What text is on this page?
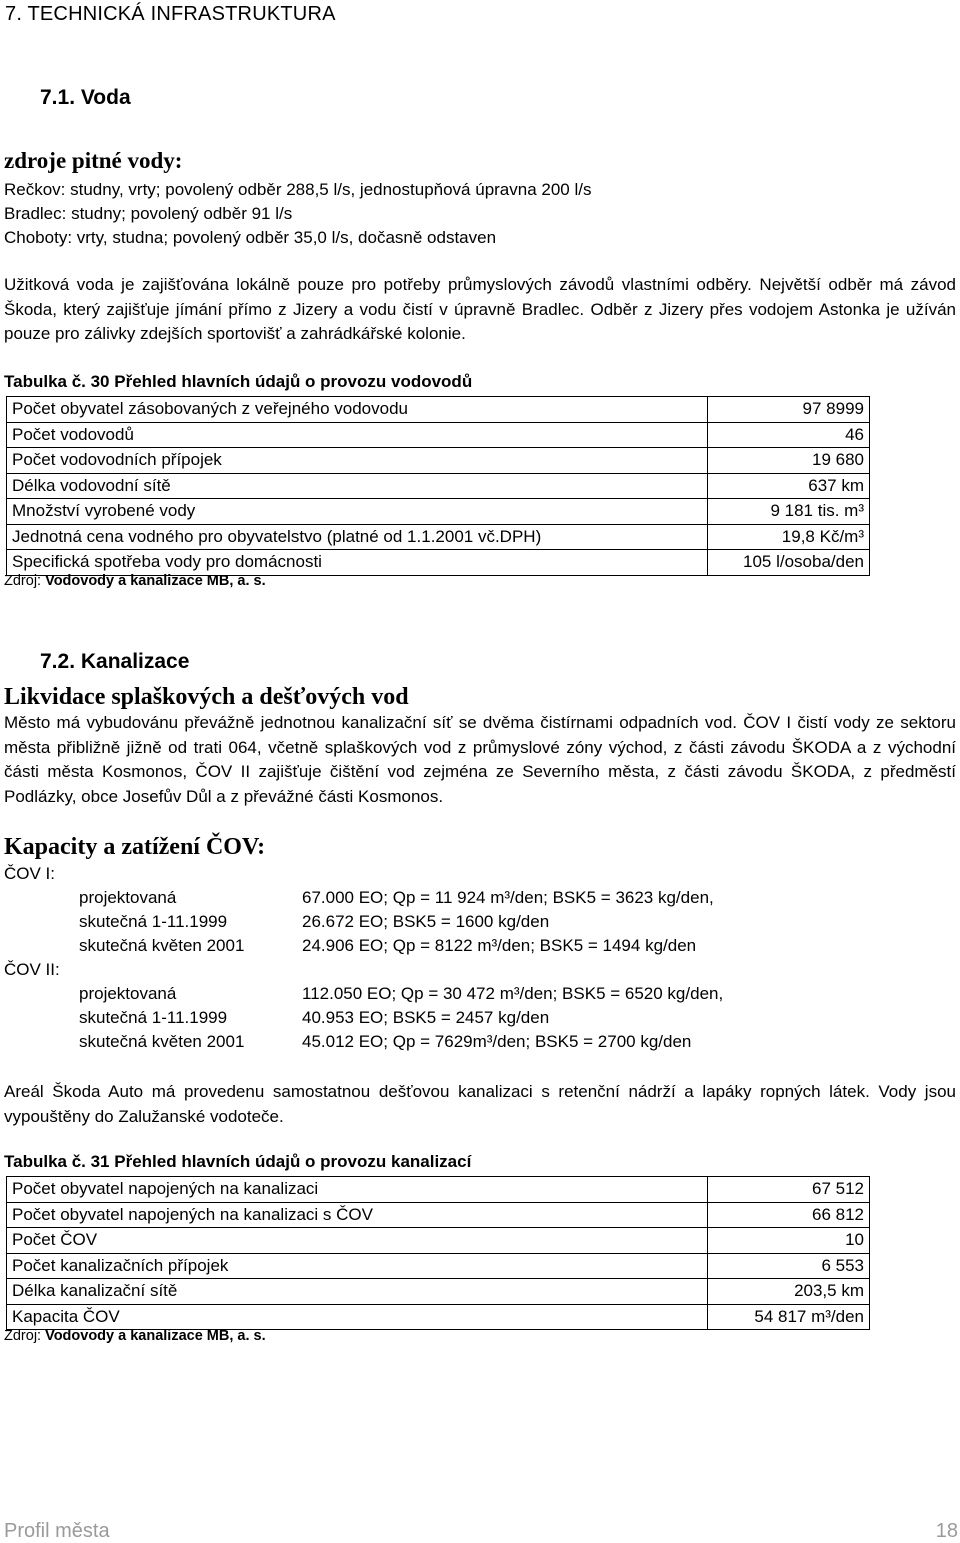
7. TECHNICKÁ INFRASTRUKTURA
7.1. Voda
zdroje pitné vody:
Rečkov: studny, vrty; povolený odběr 288,5 l/s, jednostupňová úpravna 200 l/s
Bradlec: studny; povolený odběr 91 l/s
Choboty: vrty, studna; povolený odběr 35,0 l/s, dočasně odstaven

Užitková voda je zajišťována lokálně pouze pro potřeby průmyslových závodů vlastními odběry. Největší odběr má závod Škoda, který zajišťuje jímání přímo z Jizery a vodu čistí v úpravně Bradlec. Odběr z Jizery přes vodojem Astonka je užíván pouze pro zálivky zdejších sportovišť a zahrádkářské kolonie.

Tabulka č. 30 Přehled hlavních údajů o provozu vodovodů
Počet obyvatel zásobovaných z veřejného vodovodu	97 8999
Počet vodovodů	46
Počet vodovodních přípojek	19 680
Délka vodovodní sítě	637 km
Množství vyrobené vody	9 181 tis. m³
Jednotná cena vodného pro obyvatelstvo (platné od 1.1.2001 vč.DPH)	19,8 Kč/m³
Specifická spotřeba vody pro domácnosti	105 l/osoba/den
Zdroj: Vodovody a kanalizace MB, a. s.
7.2. Kanalizace
Likvidace splaškových a dešťových vod

Město má vybudovánu převážně jednotnou kanalizační síť se dvěma čistírnami odpadních vod. ČOV I čistí vody ze sektoru města přibližně jižně od trati 064, včetně splaškových vod z průmyslové zóny východ, z části závodu ŠKODA a z východní části města Kosmonos, ČOV II zajišťuje čištění vod zejména ze Severního města, z části závodu ŠKODA, z předměstí Podlázky, obce Josefův Důl a z převážné části Kosmonos.

Kapacity a zatížení ČOV:
ČOV I:
projektovaná	67.000 EO; Qp = 11 924 m³/den; BSK5 = 3623 kg/den,
skutečná 1-11.1999	26.672 EO; BSK5 = 1600 kg/den
skutečná květen 2001	24.906 EO; Qp = 8122 m³/den; BSK5 = 1494 kg/den
ČOV II:
projektovaná	112.050 EO; Qp = 30 472 m³/den; BSK5 = 6520 kg/den,
skutečná 1-11.1999	40.953 EO; BSK5 = 2457 kg/den
skutečná květen 2001	45.012 EO; Qp = 7629m³/den; BSK5 = 2700 kg/den

Areál Škoda Auto má provedenu samostatnou dešťovou kanalizaci s retenční nádrží a lapáky ropných látek. Vody jsou vypouštěny do Zalužanské vodoteče.

Tabulka č. 31 Přehled hlavních údajů o provozu kanalizací
Počet obyvatel napojených na kanalizaci	67 512
Počet obyvatel napojených na kanalizaci s ČOV	66 812
Počet ČOV	10
Počet kanalizačních přípojek	6 553
Délka kanalizační sítě	203,5 km
Kapacita ČOV	54 817 m³/den
Zdroj: Vodovody a kanalizace MB, a. s.
Profil města	18
